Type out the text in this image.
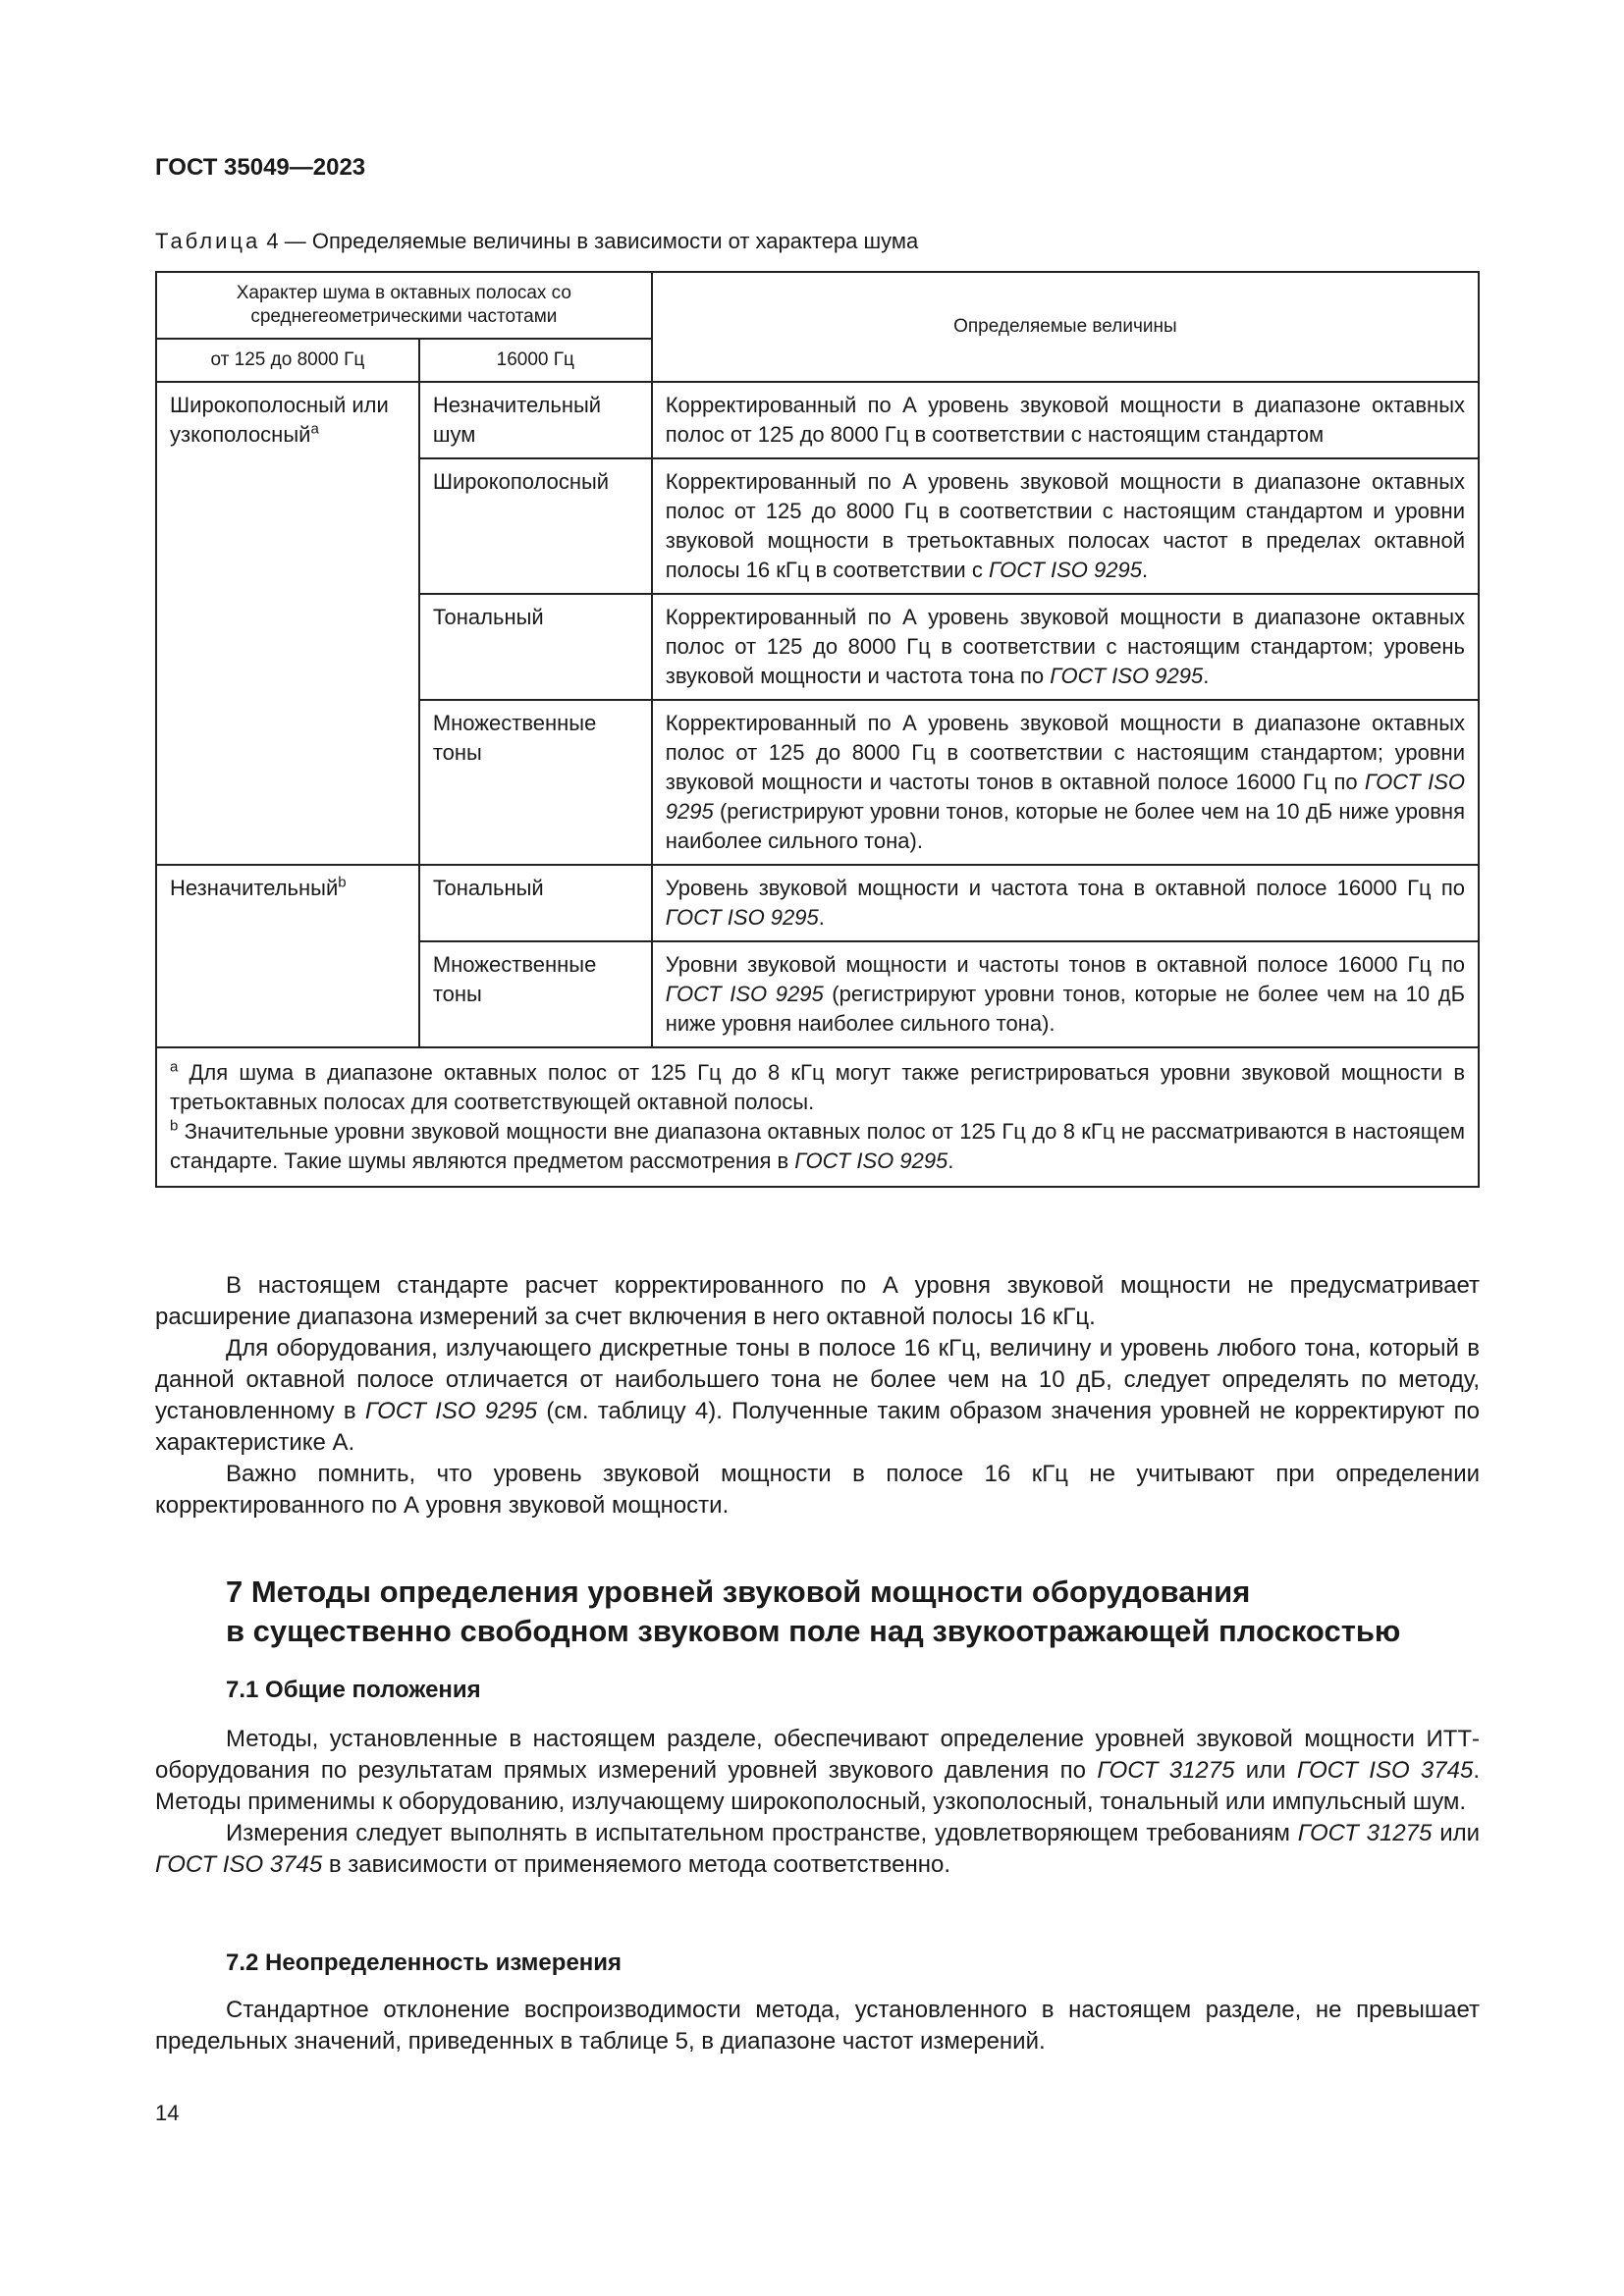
ГОСТ 35049—2023
Таблица 4 — Определяемые величины в зависимости от характера шума
Характер шума в октавных полосах со среднегеометрическими частотами		Определяемые величины
от 125 до 8000 Гц	16000 Гц	
Широкополосный или узкополосный$^a$	Незначительный шум	Корректированный по А уровень звуковой мощности в диапазоне октавных полос от 125 до 8000 Гц в соответствии с настоящим стандартом
	Широкополосный	Корректированный по А уровень звуковой мощности в диапазоне октавных полос от 125 до 8000 Гц в соответствии с настоящим стандартом и уровни звуковой мощности в третьоктавных полосах частот в пределах октавной полосы 16 кГц в соответствии с ГОСТ ISO 9295.
	Тональный	Корректированный по А уровень звуковой мощности в диапазоне октавных полос от 125 до 8000 Гц в соответствии с настоящим стандартом; уровень звуковой мощности и частота тона по ГОСТ ISO 9295.
	Множественные тоны	Корректированный по А уровень звуковой мощности в диапазоне октавных полос от 125 до 8000 Гц в соответствии с настоящим стандартом; уровни звуковой мощности и частоты тонов в октавной полосе 16000 Гц по ГОСТ ISO 9295 (регистрируют уровни тонов, которые не более чем на 10 дБ ниже уровня наиболее сильного тона).
Незначительный$^b$	Тональный	Уровень звуковой мощности и частота тона в октавной полосе 16000 Гц по ГОСТ ISO 9295.
	Множественные тоны	Уровни звуковой мощности и частоты тонов в октавной полосе 16000 Гц по ГОСТ ISO 9295 (регистрируют уровни тонов, которые не более чем на 10 дБ ниже уровня наиболее сильного тона).

$^a$ Для шума в диапазоне октавных полос от 125 Гц до 8 кГц могут также регистрироваться уровни звуковой мощности в третьоктавных полосах для соответствующей октавной полосы.
$^b$ Значительные уровни звуковой мощности вне диапазона октавных полос от 125 Гц до 8 кГц не рассматриваются в настоящем стандарте. Такие шумы являются предметом рассмотрения в ГОСТ ISO 9295.		

В настоящем стандарте расчет корректированного по А уровня звуковой мощности не предусматривает расширение диапазона измерений за счет включения в него октавной полосы 16 кГц.

Для оборудования, излучающего дискретные тоны в полосе 16 кГц, величину и уровень любого тона, который в данной октавной полосе отличается от наибольшего тона не более чем на 10 дБ, следует определять по методу, установленному в ГОСТ ISO 9295 (см. таблицу 4). Полученные таким образом значения уровней не корректируют по характеристике А.

Важно помнить, что уровень звуковой мощности в полосе 16 кГц не учитывают при определении корректированного по А уровня звуковой мощности.

7 Методы определения уровней звуковой мощности оборудования
в существенно свободном звуковом поле над звукоотражающей плоскостью
7.1 Общие положения

Методы, установленные в настоящем разделе, обеспечивают определение уровней звуковой мощности ИТТ-оборудования по результатам прямых измерений уровней звукового давления по ГОСТ 31275 или ГОСТ ISO 3745. Методы применимы к оборудованию, излучающему широкополосный, узкополосный, тональный или импульсный шум.

Измерения следует выполнять в испытательном пространстве, удовлетворяющем требованиям ГОСТ 31275 или ГОСТ ISO 3745 в зависимости от применяемого метода соответственно.

7.2 Неопределенность измерения

Стандартное отклонение воспроизводимости метода, установленного в настоящем разделе, не превышает предельных значений, приведенных в таблице 5, в диапазоне частот измерений.

14
